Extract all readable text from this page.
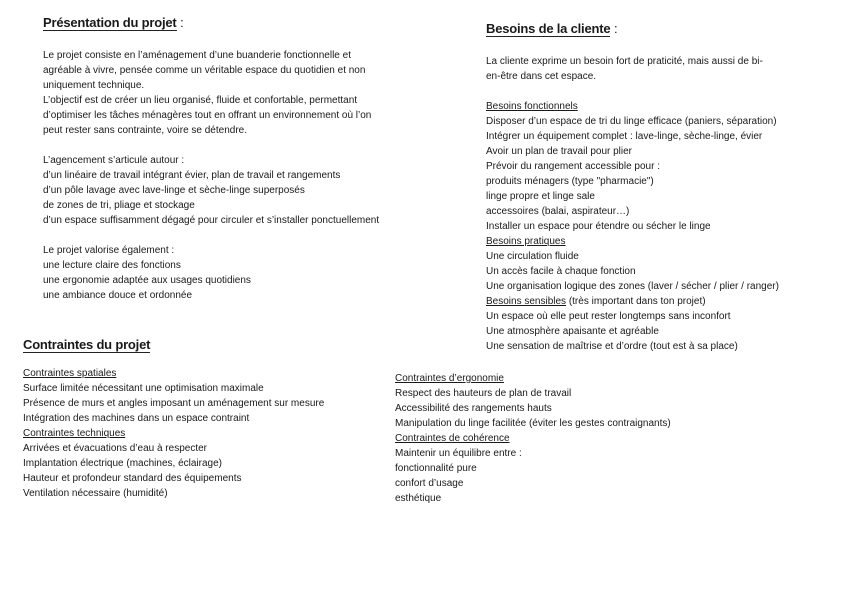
Présentation du projet :

Le projet consiste en l’aménagement d’une buanderie fonctionnelle et

agréable à vivre, pensée comme un véritable espace du quotidien et non

uniquement technique.

L’objectif est de créer un lieu organisé, fluide et confortable, permettant

d’optimiser les tâches ménagères tout en offrant un environnement où l’on

peut rester sans contrainte, voire se détendre.

L’agencement s’articule autour :

d’un linéaire de travail intégrant évier, plan de travail et rangements

d’un pôle lavage avec lave-linge et sèche-linge superposés

de zones de tri, pliage et stockage

d’un espace suffisamment dégagé pour circuler et s’installer ponctuellement

Le projet valorise également :

une lecture claire des fonctions

une ergonomie adaptée aux usages quotidiens

une ambiance douce et ordonnée

Besoins de la cliente :

La cliente exprime un besoin fort de praticité, mais aussi de bi-

en-être dans cet espace.

Besoins fonctionnels

Disposer d’un espace de tri du linge efficace (paniers, séparation)

Intégrer un équipement complet : lave-linge, sèche-linge, évier

Avoir un plan de travail pour plier

Prévoir du rangement accessible pour :

produits ménagers (type "pharmacie")

linge propre et linge sale

accessoires (balai, aspirateur…)

Installer un espace pour étendre ou sécher le linge

Besoins pratiques

Une circulation fluide

Un accès facile à chaque fonction

Une organisation logique des zones (laver / sécher / plier / ranger)

Besoins sensibles (très important dans ton projet)

Un espace où elle peut rester longtemps sans inconfort

Une atmosphère apaisante et agréable

Une sensation de maîtrise et d’ordre (tout est à sa place)

Contraintes du projet

Contraintes spatiales

Surface limitée nécessitant une optimisation maximale

Présence de murs et angles imposant un aménagement sur mesure

Intégration des machines dans un espace contraint

Contraintes techniques

Arrivées et évacuations d’eau à respecter

Implantation électrique (machines, éclairage)

Hauteur et profondeur standard des équipements

Ventilation nécessaire (humidité)

Contraintes d’ergonomie

Respect des hauteurs de plan de travail

Accessibilité des rangements hauts

Manipulation du linge facilitée (éviter les gestes contraignants)

Contraintes de cohérence

Maintenir un équilibre entre :

fonctionnalité pure

confort d’usage

esthétique
